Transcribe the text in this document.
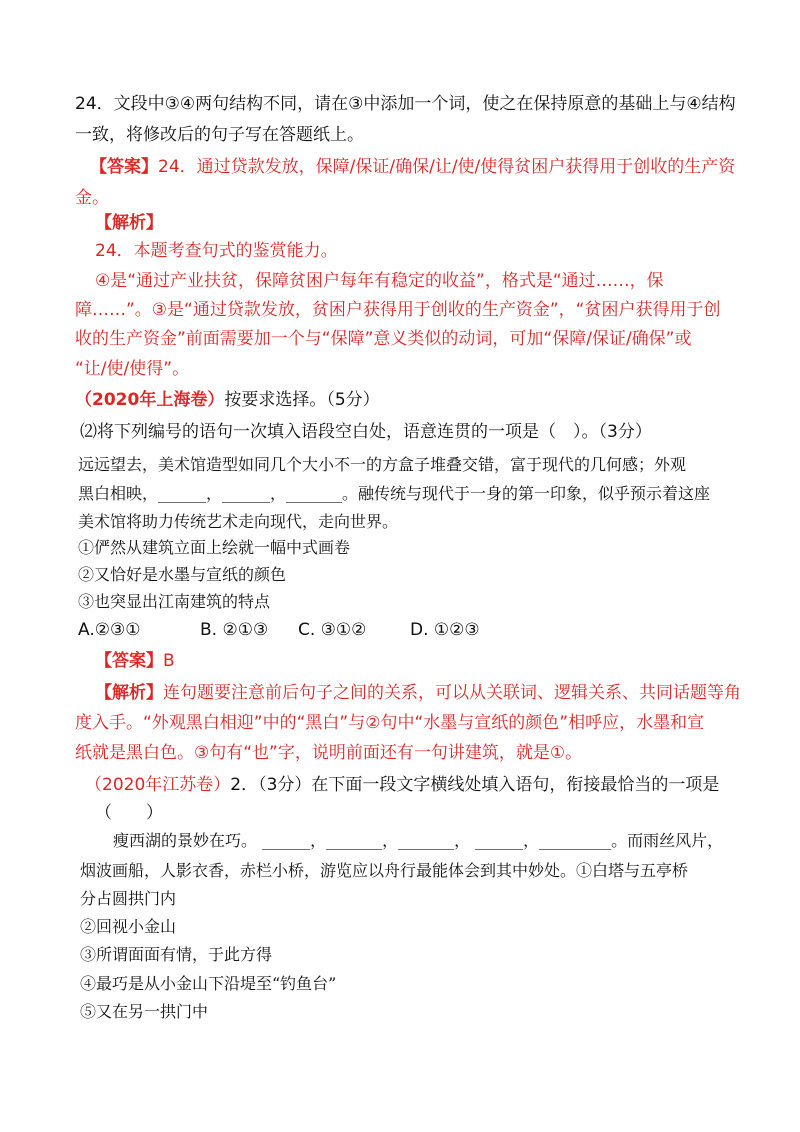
24．文段中③④两句结构不同，请在③中添加一个词，使之在保持原意的基础上与④结构
一致，将修改后的句子写在答题纸上。
【答案】24．通过贷款发放，保障/保证/确保/让/使/使得贫困户获得用于创收的生产资
金。
【解析】
24．本题考查句式的鉴赏能力。
④是“通过产业扶贫，保障贫困户每年有稳定的收益”，格式是“通过……，保
障……”。③是“通过贷款发放，贫困户获得用于创收的生产资金”，“贫困户获得用于创
收的生产资金”前面需要加一个与“保障”意义类似的动词，可加“保障/保证/确保”或
“让/使/使得”。
（2020年上海卷）按要求选择。（5分）
⑵将下列编号的语句一次填入语段空白处，语意连贯的一项是（　）。（3分）
远远望去，美术馆造型如同几个大小不一的方盒子堆叠交错，富于现代的几何感；外观
黑白相映，______，______，_______。融传统与现代于一身的第一印象，似乎预示着这座
美术馆将助力传统艺术走向现代，走向世界。
①俨然从建筑立面上绘就一幅中式画卷
②又恰好是水墨与宣纸的颜色
③也突显出江南建筑的特点
A.②③①	B. ②①③ C. ③①②	D. ①②③
【答案】B
【解析】连句题要注意前后句子之间的关系，可以从关联词、逻辑关系、共同话题等角
度入手。“外观黑白相迎”中的“黑白”与②句中“水墨与宣纸的颜色”相呼应，水墨和宣
纸就是黑白色。③句有“也”字，说明前面还有一句讲建筑，就是①。
（2020年江苏卷）2．（3分）在下面一段文字横线处填入语句，衔接最恰当的一项是
（　　）
瘦西湖的景妙在巧。 ______，_______，_______， ______，_________。而雨丝风片，
烟波画船，人影衣香，赤栏小桥，游览应以舟行最能体会到其中妙处。①白塔与五亭桥
分占圆拱门内
②回视小金山
③所谓面面有情，于此方得
④最巧是从小金山下沿堤至“钓鱼台”
⑤又在另一拱门中
